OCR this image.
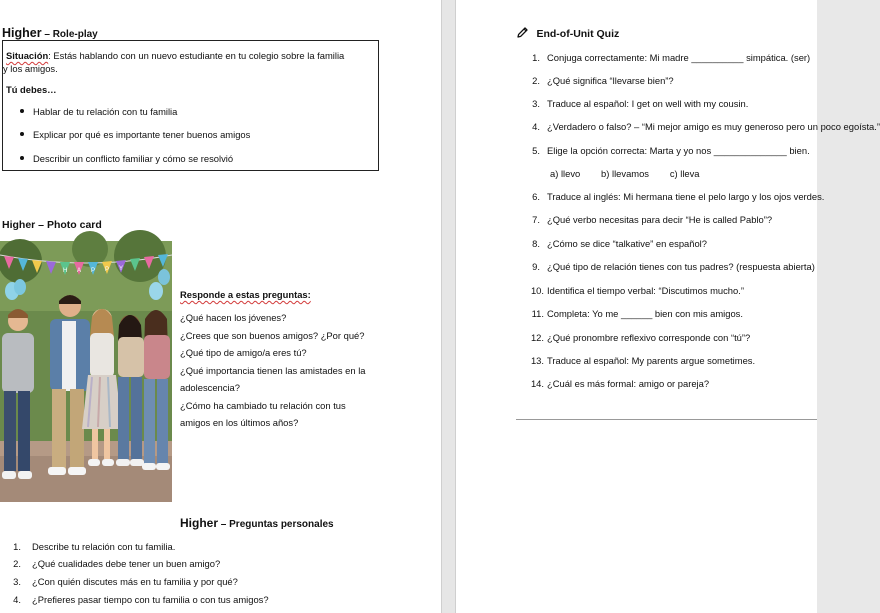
Higher – Role-play
Situación: Estás hablando con un nuevo estudiante en tu colegio sobre la familia
y los amigos.
Tú debes…
Hablar de tu relación con tu familia
Explicar por qué es importante tener buenos amigos
Describir un conflicto familiar y cómo se resolvió
Higher – Photo card
H A P P Y
Responde a estas preguntas:
¿Qué hacen los jóvenes?
¿Crees que son buenos amigos? ¿Por qué?
¿Qué tipo de amigo/a eres tú?
¿Qué importancia tienen las amistades en la
adolescencia?
¿Cómo ha cambiado tu relación con tus
amigos en los últimos años?
Higher – Preguntas personales
1. Describe tu relación con tu familia.
2. ¿Qué cualidades debe tener un buen amigo?
3. ¿Con quién discutes más en tu familia y por qué?
4. ¿Prefieres pasar tiempo con tu familia o con tus amigos?
End-of-Unit Quiz
1. Conjuga correctamente: Mi madre __________ simpática. (ser)
2. ¿Qué significa “llevarse bien”?
3. Traduce al español: I get on well with my cousin.
4. ¿Verdadero o falso? – “Mi mejor amigo es muy generoso pero un poco egoísta.”
5. Elige la opción correcta: Marta y yo nos ______________ bien.
a) llevo        b) llevamos        c) lleva
6. Traduce al inglés: Mi hermana tiene el pelo largo y los ojos verdes.
7. ¿Qué verbo necesitas para decir “He is called Pablo”?
8. ¿Cómo se dice “talkative” en español?
9. ¿Qué tipo de relación tienes con tus padres? (respuesta abierta)
10. Identifica el tiempo verbal: “Discutimos mucho.”
11. Completa: Yo me ______ bien con mis amigos.
12. ¿Qué pronombre reflexivo corresponde con “tú”?
13. Traduce al español: My parents argue sometimes.
14. ¿Cuál es más formal: amigo or pareja?
